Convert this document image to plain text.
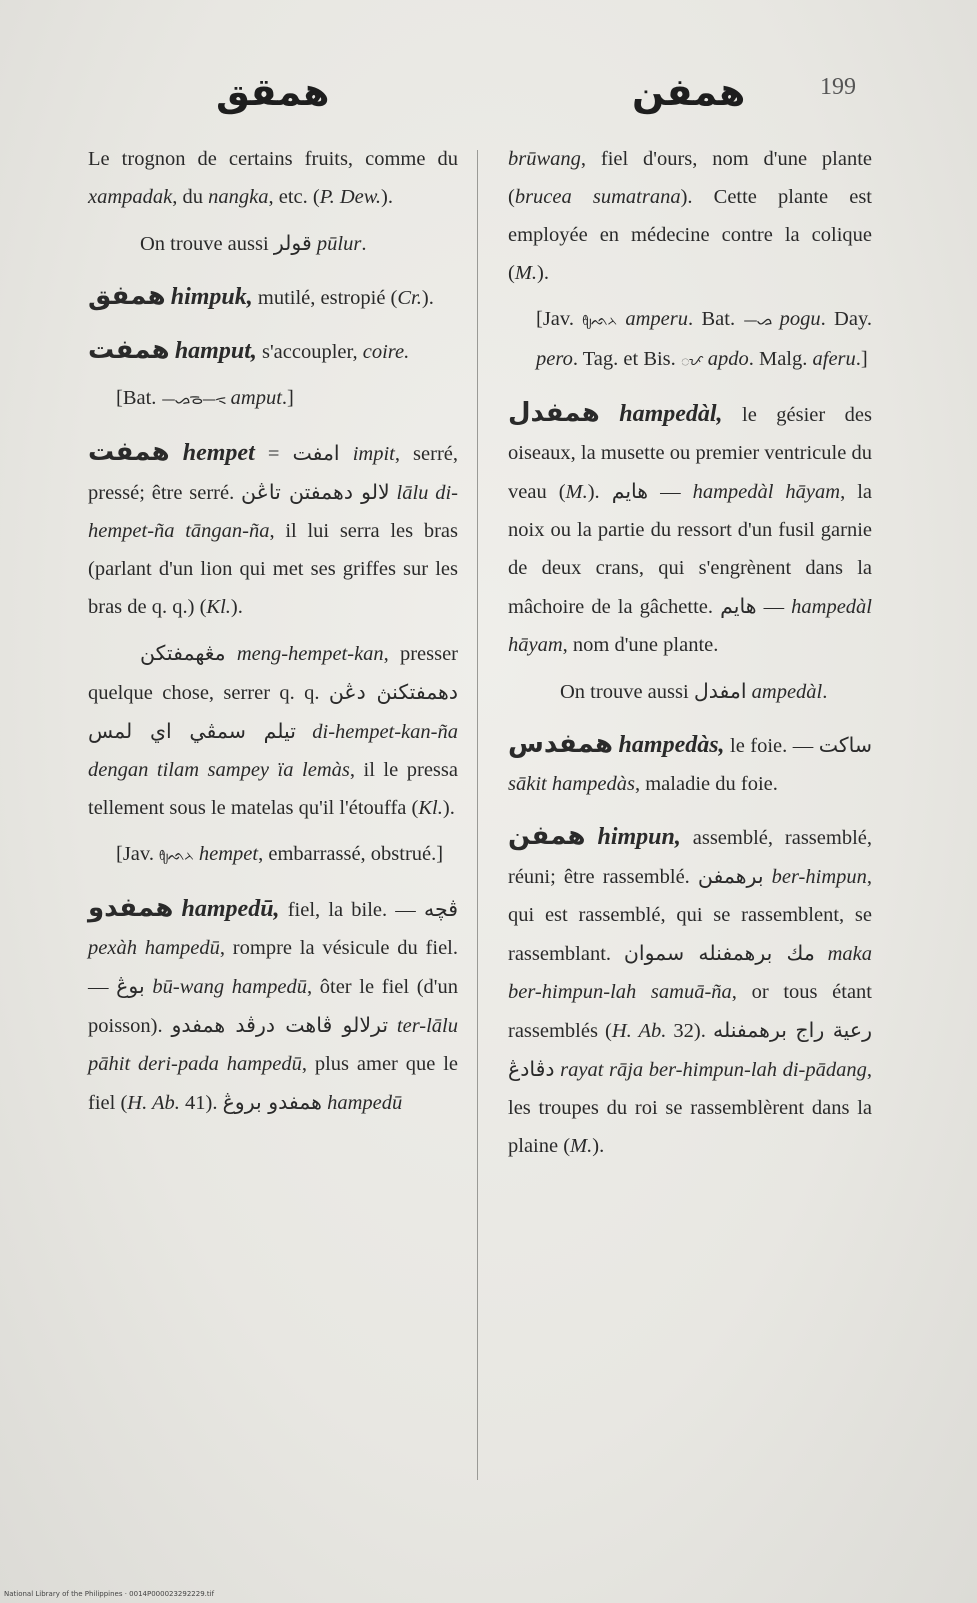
همقق	همفن	199

Le trognon de certains fruits, comme du xampadak, du nangka, etc. (P. Dew.).

On trouve aussi قولر pūlur.

همفق himpuk, mutilé, estropié (Cr.).

همفت hamput, s'accoupler, coire.

[Bat. —ᯀᯉ—ᯑ amput.]

همفت hempet = امفت impit, serré, pressé; être serré. لالو دهمفتن تاڠن lālu di-hempet-ña tāngan-ña, il lui serra les bras (parlant d'un lion qui met ses griffes sur les bras de q. q.) (Kl.).

مڠهمفتكن meng-hempet-kan, presser quelque chose, serrer q. q. دهمفتكنڽ دڠن تيلم سمڤي اي لمس di-hempet-kan-ña dengan tilam sampey ïa lemàs, il le pressa tellement sous le matelas qu'il l'étouffa (Kl.).

[Jav. ᦿᨒᨂ hempet, embarrassé, obstrué.]

همفدو hampedū, fiel, la bile. — ڤچه pexàh hampedū, rompre la vésicule du fiel. — بوڠ bū-wang hampedū, ôter le fiel (d'un poisson). ترلالو ڤاهت درڤد همفدو ter-lālu pāhit deri-pada hampedū, plus amer que le fiel (H. Ab. 41). همفدو بروڠ hampedū

brūwang, fiel d'ours, nom d'une plante (brucea sumatrana). Cette plante est employée en médecine contre la colique (M.).

[Jav. ᦿᨒᨂ amperu. Bat. —ᯀ pogu. Day. pero. Tag. et Bis. ᜀᜉ apdo. Malg. aferu.]

همفدل hampedàl, le gésier des oiseaux, la musette ou premier ventricule du veau (M.). هايم — hampedàl hāyam, la noix ou la partie du ressort d'un fusil garnie de deux crans, qui s'engrènent dans la mâchoire de la gâchette. هايم — hampedàl hāyam, nom d'une plante.

On trouve aussi امفدل ampedàl.

همفدس hampedàs, le foie. — ساكت sākit hampedàs, maladie du foie.

همفن himpun, assemblé, rassemblé, réuni; être rassemblé. برهمفن ber-himpun, qui est rassemblé, qui se rassemblent, se rassemblant. مك برهمفنله سموان maka ber-himpun-lah samuā-ña, or tous étant rassemblés (H. Ab. 32). رعية راج برهمفنله دڤادڠ rayat rāja ber-himpun-lah di-pādang, les troupes du roi se rassemblèrent dans la plaine (M.).

National Library of the Philippines · 0014P000023292229.tif
